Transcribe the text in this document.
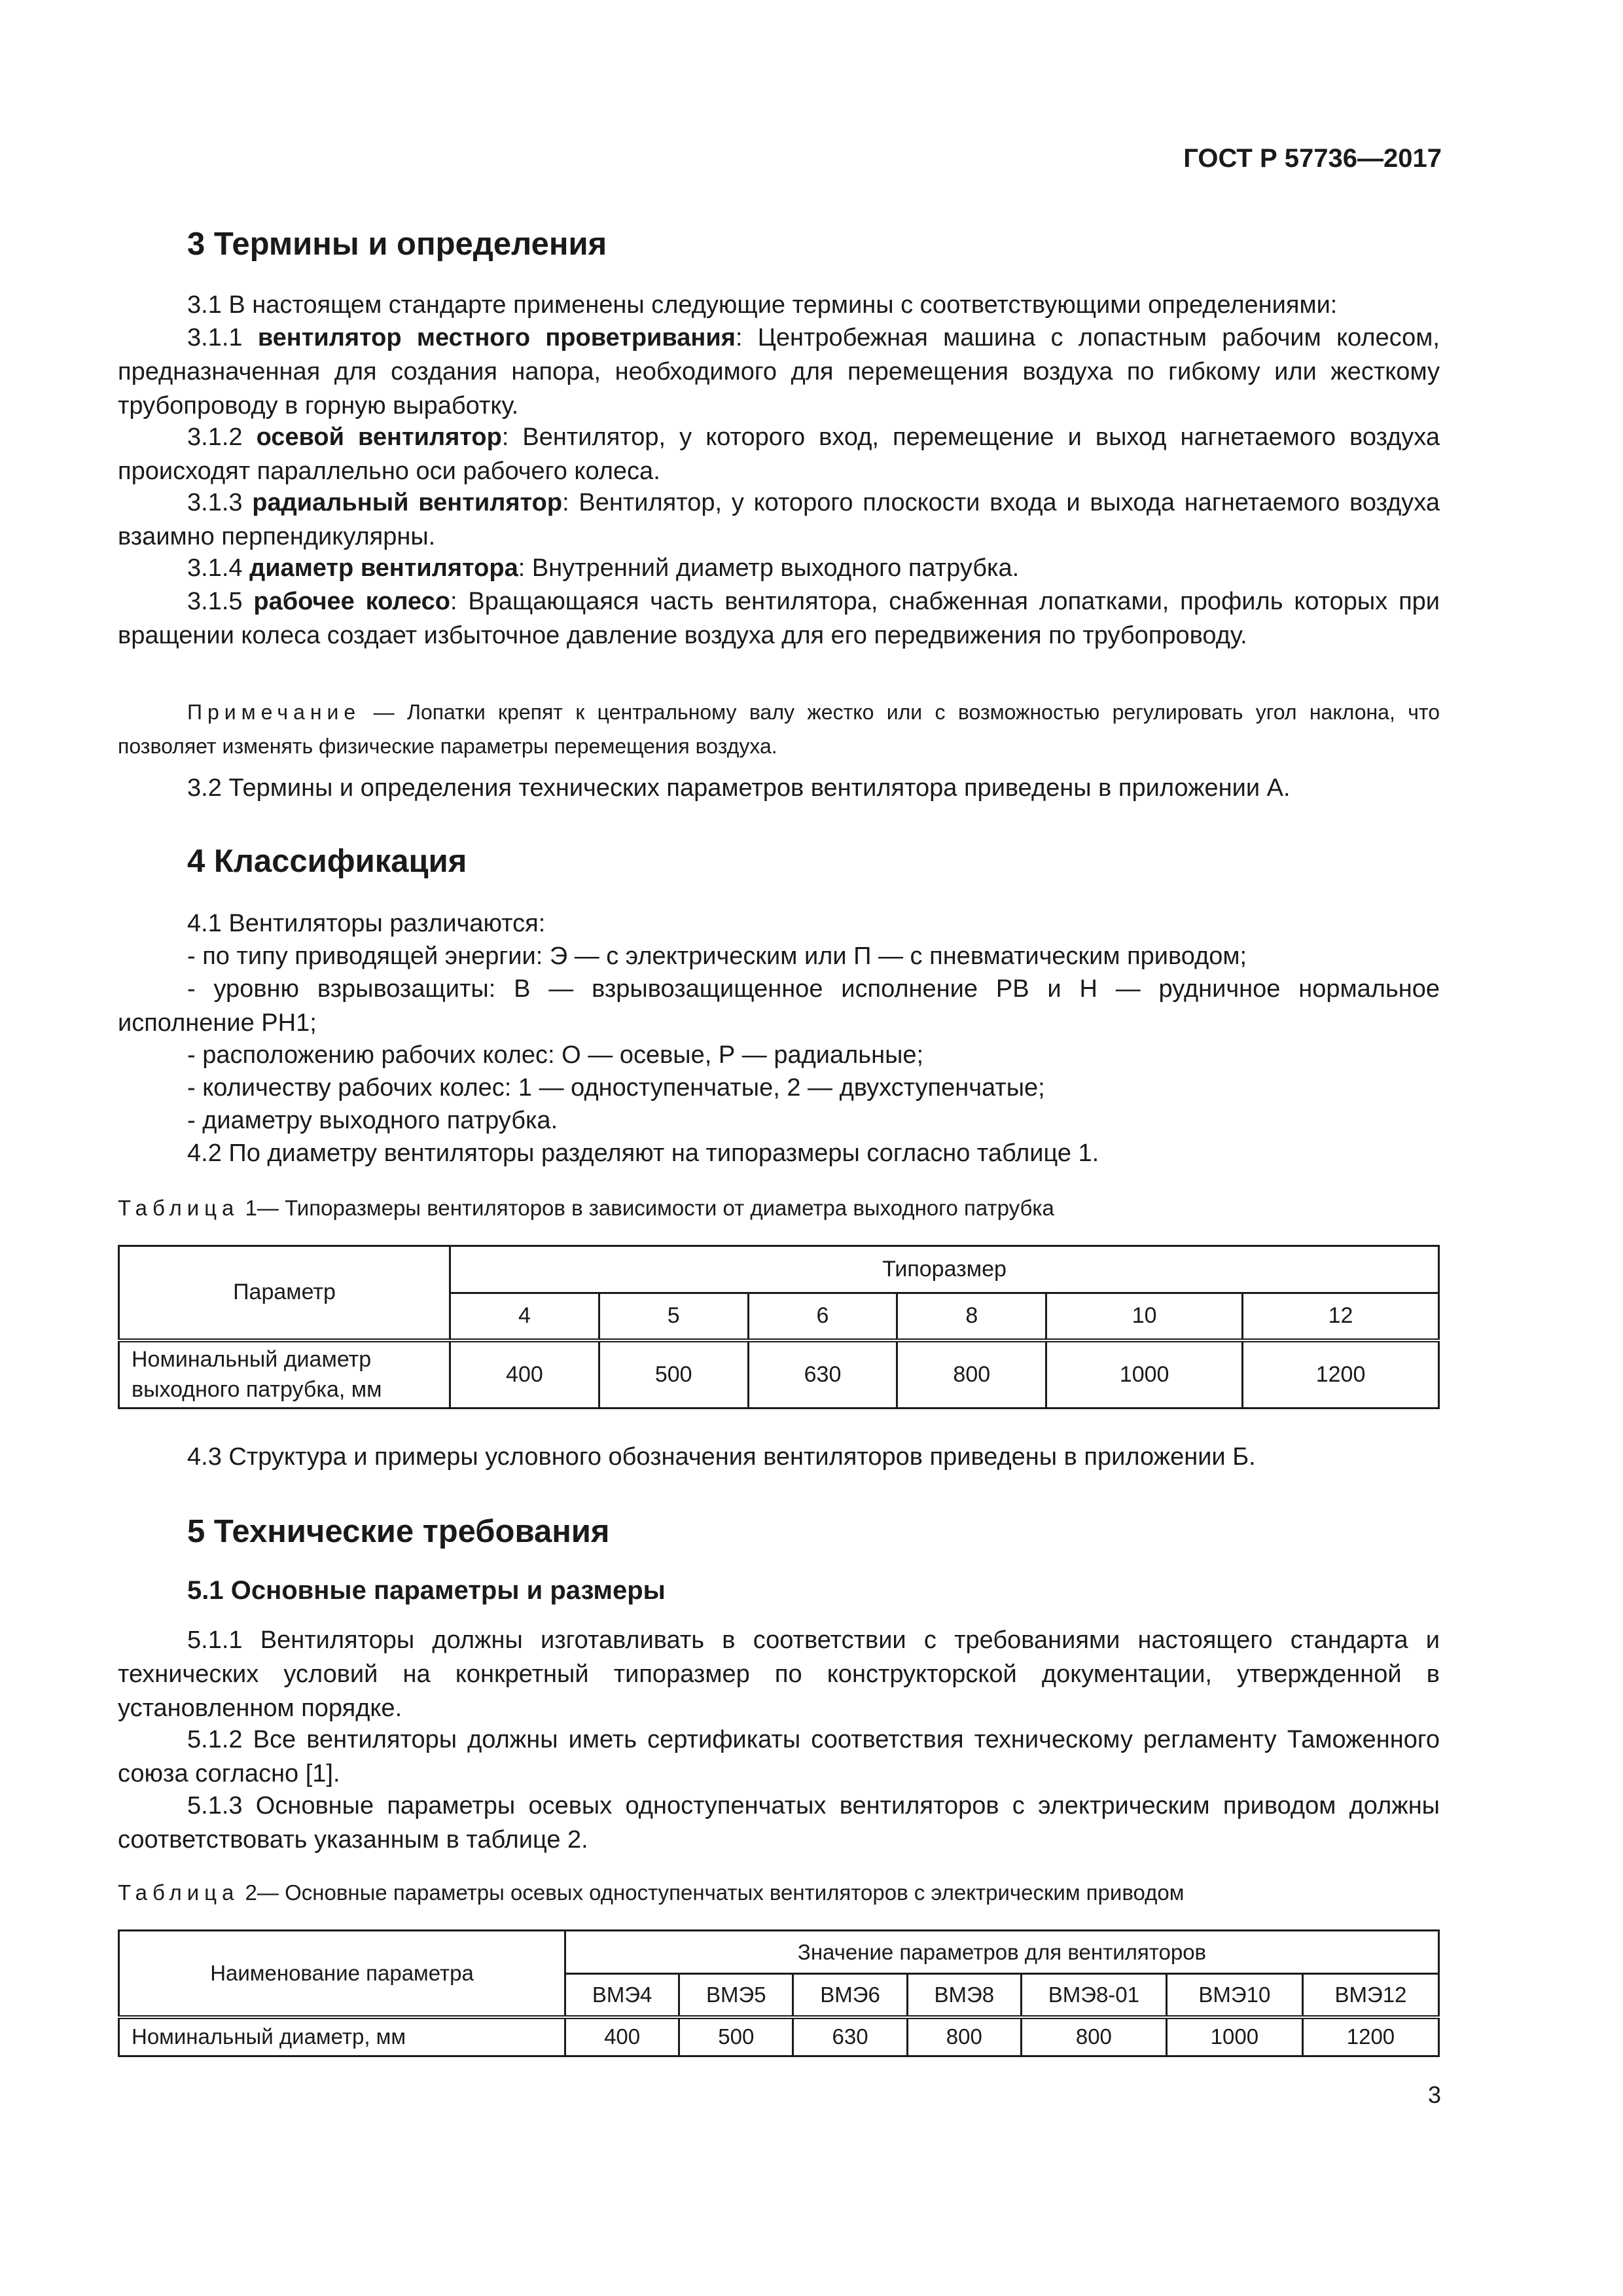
ГОСТ Р 57736—2017
3 Термины и определения
3.1 В настоящем стандарте применены следующие термины с соответствующими определениями:
3.1.1 вентилятор местного проветривания: Центробежная машина с лопастным рабочим колесом, предназначенная для создания напора, необходимого для перемещения воздуха по гибкому или жесткому трубопроводу в горную выработку.
3.1.2 осевой вентилятор: Вентилятор, у которого вход, перемещение и выход нагнетаемого воздуха происходят параллельно оси рабочего колеса.
3.1.3 радиальный вентилятор: Вентилятор, у которого плоскости входа и выхода нагнетаемого воздуха взаимно перпендикулярны.
3.1.4 диаметр вентилятора: Внутренний диаметр выходного патрубка.
3.1.5 рабочее колесо: Вращающаяся часть вентилятора, снабженная лопатками, профиль которых при вращении колеса создает избыточное давление воздуха для его передвижения по трубопроводу.
Примечание — Лопатки крепят к центральному валу жестко или с возможностью регулировать угол наклона, что позволяет изменять физические параметры перемещения воздуха.
3.2 Термины и определения технических параметров вентилятора приведены в приложении А.
4 Классификация
4.1 Вентиляторы различаются:
- по типу приводящей энергии: Э — с электрическим или П — с пневматическим приводом;
- уровню взрывозащиты: В — взрывозащищенное исполнение РВ и Н — рудничное нормальное исполнение РН1;
- расположению рабочих колес: О — осевые, Р — радиальные;
- количеству рабочих колес: 1 — одноступенчатые, 2 — двухступенчатые;
- диаметру выходного патрубка.
4.2 По диаметру вентиляторы разделяют на типоразмеры согласно таблице 1.
Таблица 1— Типоразмеры вентиляторов в зависимости от диаметра выходного патрубка
Параметр	Типоразмер					
	4	5	6	8	10	12
Номинальный диаметр
выходного патрубка, мм	400	500	630	800	1000	1200
4.3 Структура и примеры условного обозначения вентиляторов приведены в приложении Б.
5 Технические требования
5.1 Основные параметры и размеры
5.1.1 Вентиляторы должны изготавливать в соответствии с требованиями настоящего стандарта и технических условий на конкретный типоразмер по конструкторской документации, утвержденной в установленном порядке.
5.1.2 Все вентиляторы должны иметь сертификаты соответствия техническому регламенту Таможенного союза согласно [1].
5.1.3 Основные параметры осевых одноступенчатых вентиляторов с электрическим приводом должны соответствовать указанным в таблице 2.
Таблица 2— Основные параметры осевых одноступенчатых вентиляторов с электрическим приводом
Наименование параметра	Значение параметров для вентиляторов						
	ВМЭ4	ВМЭ5	ВМЭ6	ВМЭ8	ВМЭ8-01	ВМЭ10	ВМЭ12
Номинальный диаметр, мм	400	500	630	800	800	1000	1200
3
